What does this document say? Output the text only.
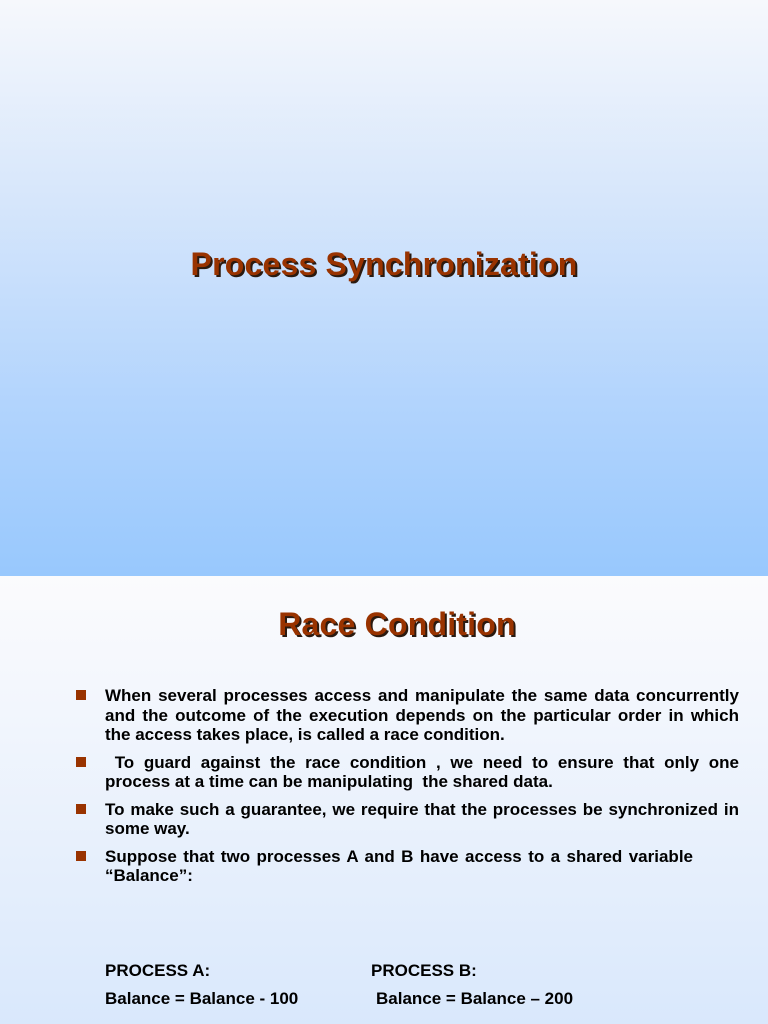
Process Synchronization
Race Condition
When several processes access and manipulate the same data concurrently and the outcome of the execution depends on the particular order in which the access takes place, is called a race condition.
To guard against the race condition , we need to ensure that only one process at a time can be manipulating  the shared data.
To make such a guarantee, we require that the processes be synchronized in some way.
Suppose that two processes A and B have access to a shared variable “Balance”:
PROCESS A:	PROCESS B:
Balance = Balance - 100	Balance = Balance – 200
